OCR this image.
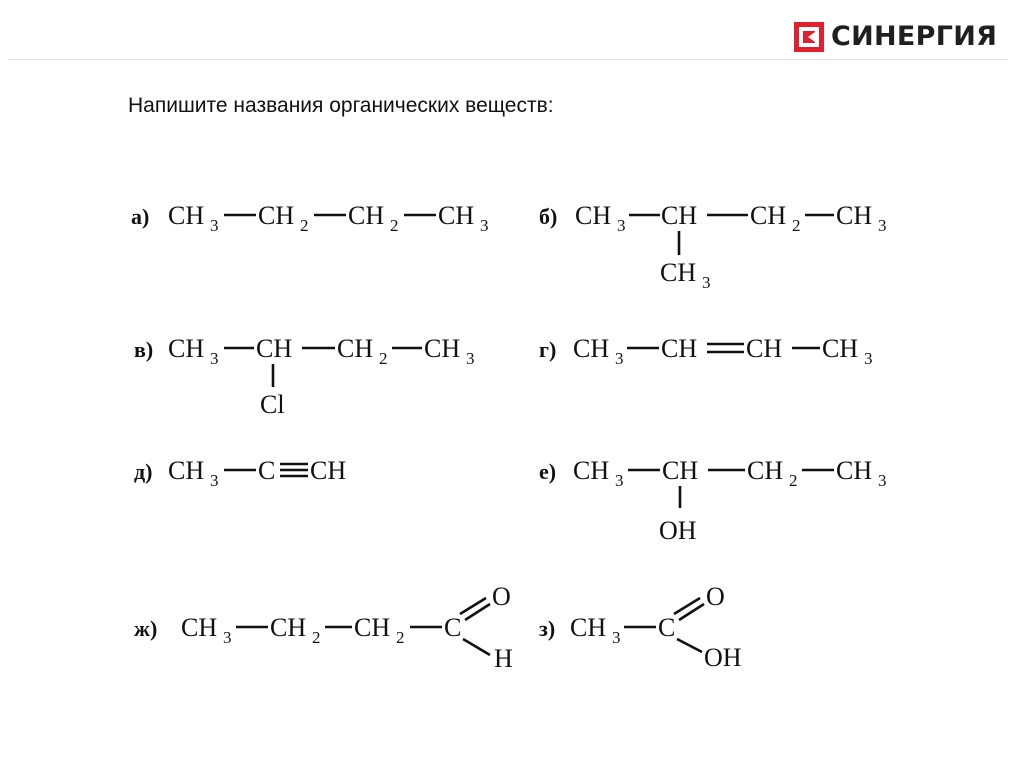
СИНЕРГИЯ
Напишите названия органических веществ:
а) CH 3 CH 2 CH 2 CH 3 б) CH 3 CH CH 2 CH 3
CH 3
в) CH 3 CH CH 2 CH 3
Cl
г) CH 3 CH CH CH 3
д) CH 3 C CH	е) CH 3 CH CH 2 CH 3
OH
ж) CH 3 CH 2 CH 2 C
O
H
з) CH 3 C
O
OH
